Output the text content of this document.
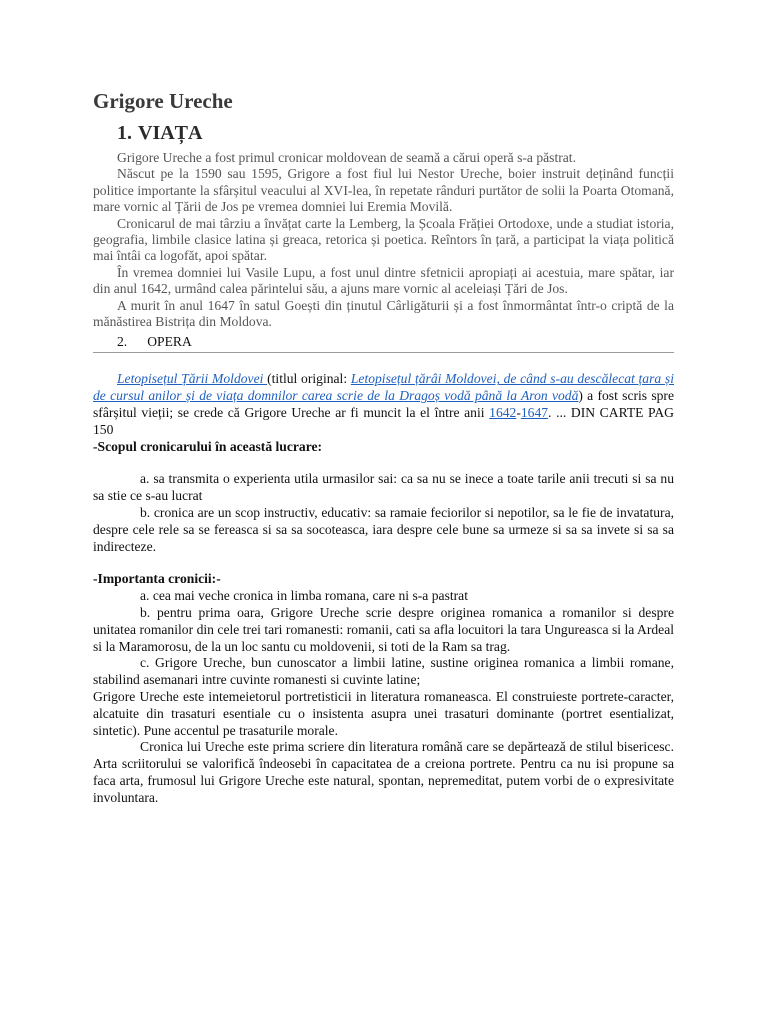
Grigore Ureche
1. VIAȚA

Grigore Ureche a fost primul cronicar moldovean de seamă a cărui operă s-a păstrat.

Născut pe la 1590 sau 1595, Grigore a fost fiul lui Nestor Ureche, boier instruit deținând funcții politice importante la sfârșitul veacului al XVI-lea, în repetate rânduri purtător de solii la Poarta Otomană, mare vornic al Țării de Jos pe vremea domniei lui Eremia Movilă.

Cronicarul de mai târziu a învățat carte la Lemberg, la Școala Frăției Ortodoxe, unde a studiat istoria, geografia, limbile clasice latina și greaca, retorica și poetica. Reîntors în țară, a participat la viața politică mai întâi ca logofăt, apoi spătar.

În vremea domniei lui Vasile Lupu, a fost unul dintre sfetnicii apropiați ai acestuia, mare spătar, iar din anul 1642, urmând calea părintelui său, a ajuns mare vornic al aceleiași Țări de Jos.

A murit în anul 1647 în satul Goești din ținutul Cârligăturii și a fost înmormântat într-o criptă de la mănăstirea Bistrița din Moldova.

2. OPERA

Letopisețul Țării Moldovei (titlul original: Letopisețul țărâi Moldovei, de când s-au descălecat țara și de cursul anilor și de viața domnilor carea scrie de la Dragoș vodă până la Aron vodă) a fost scris spre sfârșitul vieții; se crede că Grigore Ureche ar fi muncit la el între anii 1642-1647. ... DIN CARTE PAG 150

-Scopul cronicarului în această lucrare:

a. sa transmita o experienta utila urmasilor sai: ca sa nu se inece a toate tarile anii trecuti si sa nu sa stie ce s-au lucrat

b. cronica are un scop instructiv, educativ: sa ramaie feciorilor si nepotilor, sa le fie de invatatura, despre cele rele sa se fereasca si sa sa socoteasca, iara despre cele bune sa urmeze si sa sa invete si sa sa indirecteze.

-Importanta cronicii:-

a. cea mai veche cronica in limba romana, care ni s-a pastrat

b. pentru prima oara, Grigore Ureche scrie despre originea romanica a romanilor si despre unitatea romanilor din cele trei tari romanesti: romanii, cati sa afla locuitori la tara Ungureasca si la Ardeal si la Maramorosu, de la un loc santu cu moldovenii, si toti de la Ram sa trag.

c. Grigore Ureche, bun cunoscator a limbii latine, sustine originea romanica a limbii romane, stabilind asemanari intre cuvinte romanesti si cuvinte latine;

Grigore Ureche este intemeietorul portretisticii in literatura romaneasca. El construieste portrete-caracter, alcatuite din trasaturi esentiale cu o insistenta asupra unei trasaturi dominante (portret esentializat, sintetic). Pune accentul pe trasaturile morale.

Cronica lui Ureche este prima scriere din literatura română care se depărtează de stilul bisericesc. Arta scriitorului se valorifică îndeosebi în capacitatea de a creiona portrete. Pentru ca nu isi propune sa faca arta, frumosul lui Grigore Ureche este natural, spontan, nepremeditat, putem vorbi de o expresivitate involuntara.
